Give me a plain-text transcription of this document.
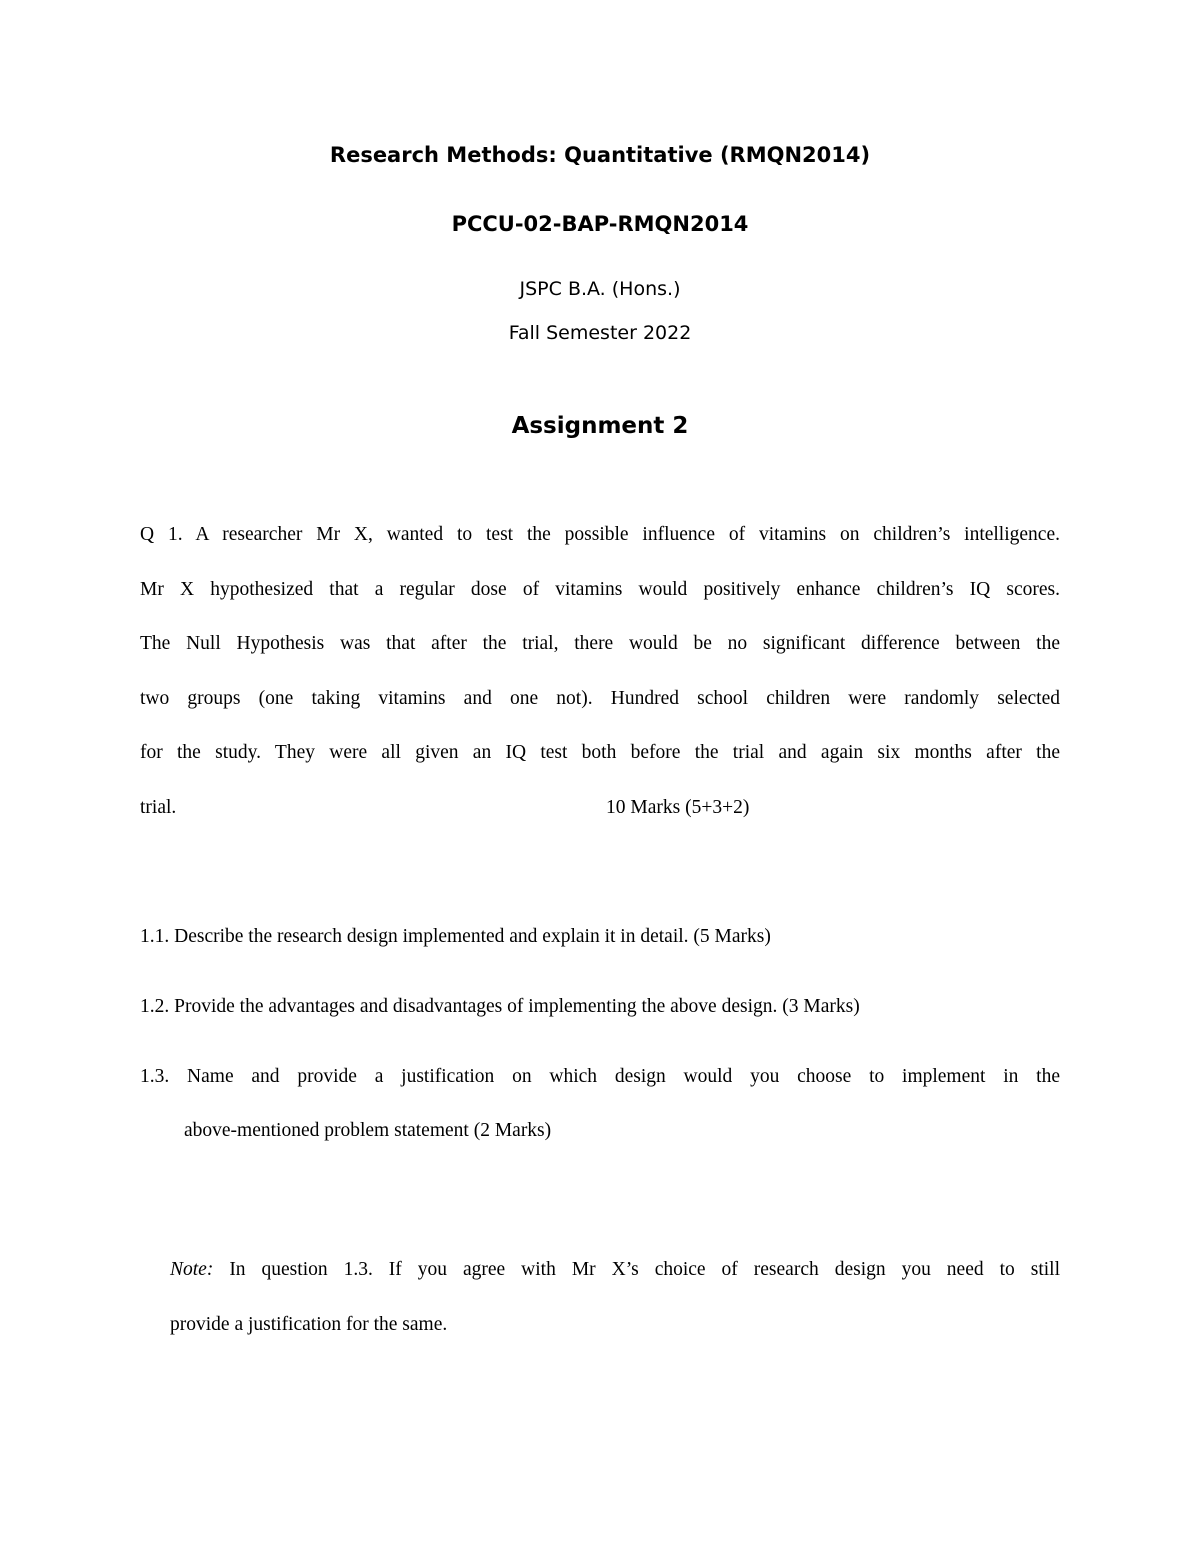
Research Methods: Quantitative (RMQN2014)
PCCU-02-BAP-RMQN2014
JSPC B.A. (Hons.)
Fall Semester 2022
Assignment 2
Q 1. A researcher Mr X, wanted to test the possible influence of vitamins on children’s intelligence.
Mr X hypothesized that a regular dose of vitamins would positively enhance children’s IQ scores.
The Null Hypothesis was that after the trial, there would be no significant difference between the
two groups (one taking vitamins and one not). Hundred school children were randomly selected
for the study. They were all given an IQ test both before the trial and again six months after the
trial.	10 Marks (5+3+2)
1.1. Describe the research design implemented and explain it in detail. (5 Marks)
1.2. Provide the advantages and disadvantages of implementing the above design. (3 Marks)
1.3. Name and provide a justification on which design would you choose to implement in the
above-mentioned problem statement (2 Marks)
Note: In question 1.3. If you agree with Mr X’s choice of research design you need to still
provide a justification for the same.
